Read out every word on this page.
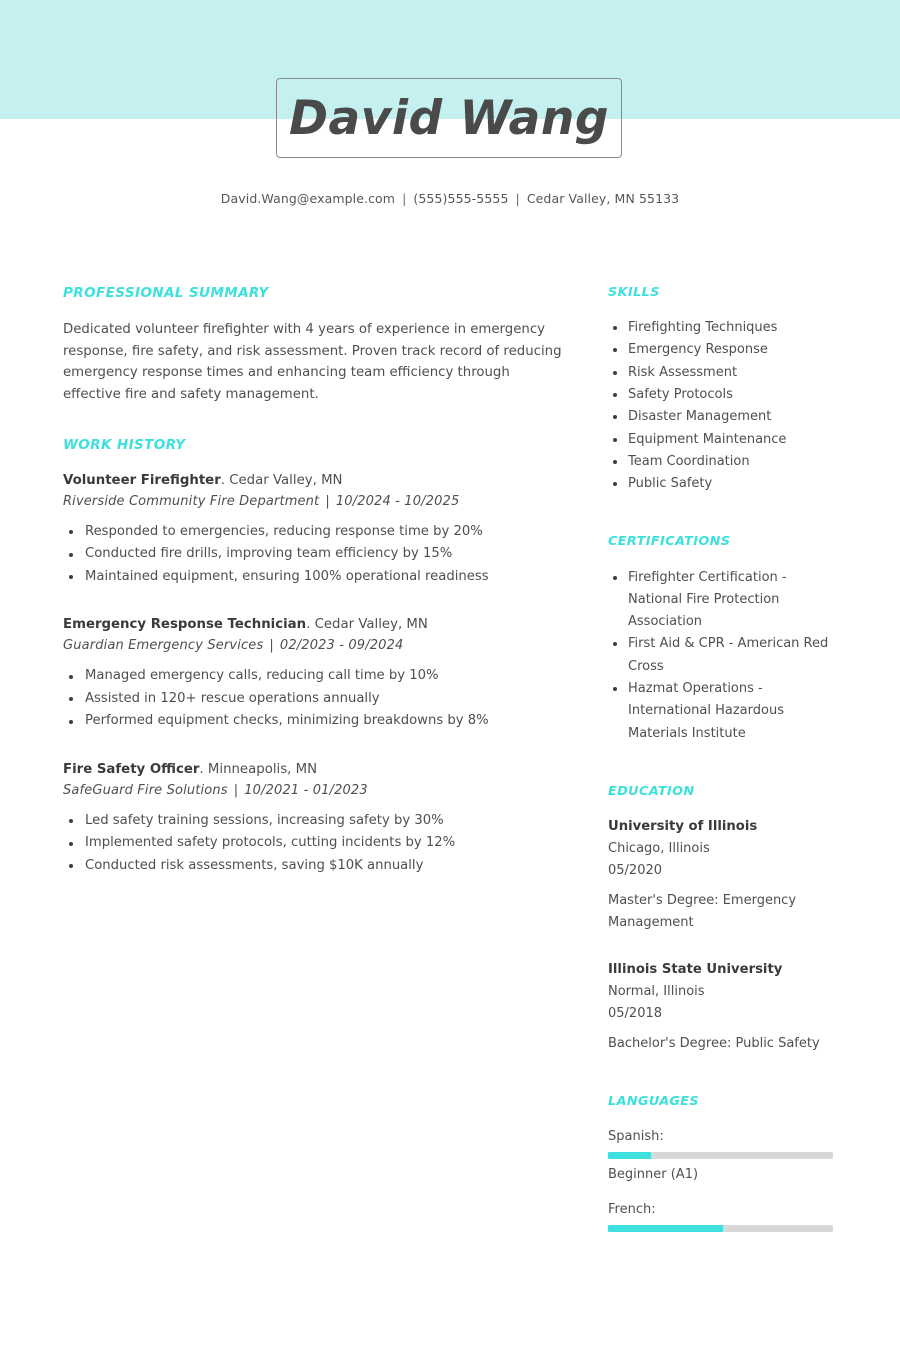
David Wang
David.Wang@example.com | (555)555-5555 | Cedar Valley, MN 55133
PROFESSIONAL SUMMARY

Dedicated volunteer firefighter with 4 years of experience in emergency response, fire safety, and risk assessment. Proven track record of reducing emergency response times and enhancing team efficiency through effective fire and safety management.

WORK HISTORY
Volunteer Firefighter. Cedar Valley, MN
Riverside Community Fire Department | 10/2024 - 10/2025
Responded to emergencies, reducing response time by 20%
Conducted fire drills, improving team efficiency by 15%
Maintained equipment, ensuring 100% operational readiness
Emergency Response Technician. Cedar Valley, MN
Guardian Emergency Services | 02/2023 - 09/2024
Managed emergency calls, reducing call time by 10%
Assisted in 120+ rescue operations annually
Performed equipment checks, minimizing breakdowns by 8%
Fire Safety Officer. Minneapolis, MN
SafeGuard Fire Solutions | 10/2021 - 01/2023
Led safety training sessions, increasing safety by 30%
Implemented safety protocols, cutting incidents by 12%
Conducted risk assessments, saving $10K annually
SKILLS
Firefighting Techniques
Emergency Response
Risk Assessment
Safety Protocols
Disaster Management
Equipment Maintenance
Team Coordination
Public Safety
CERTIFICATIONS
Firefighter Certification - National Fire Protection Association
First Aid & CPR - American Red Cross
Hazmat Operations - International Hazardous Materials Institute
EDUCATION
University of Illinois
Chicago, Illinois
05/2020
Master's Degree: Emergency Management
Illinois State University
Normal, Illinois
05/2018
Bachelor's Degree: Public Safety
LANGUAGES
Spanish:
Beginner (A1)
French:
